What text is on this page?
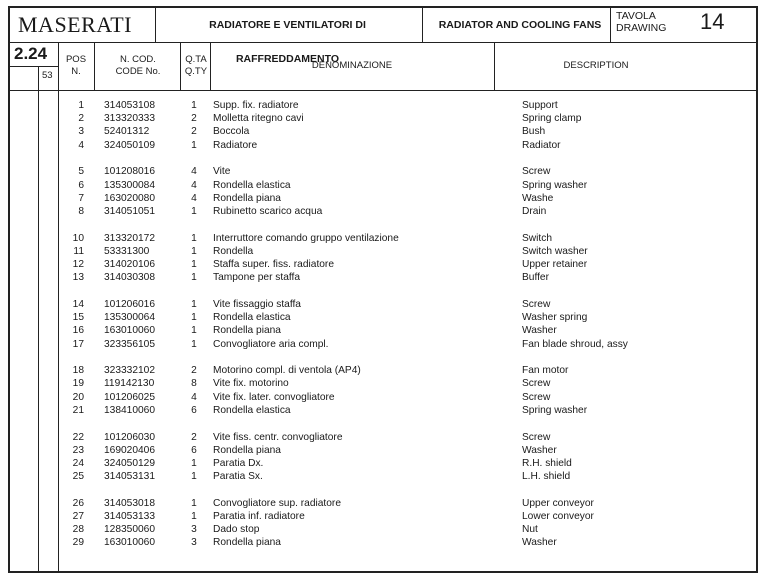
MASERATI	RADIATORE E VENTILATORI DI RAFFREDDAMENTO
RADIATOR AND COOLING FANS
TAVOLA
DRAWING 14
2.24
53
POS
N.
N. COD.
CODE No.
Q.TA
Q.TY
DENOMINAZIONE	DESCRIPTION
1 314053108	1	Supp. fix. radiatore	Support
2 313320333	2	Molletta ritegno cavi	Spring clamp
3 52401312	2	Boccola	Bush
4 324050109	1	Radiatore	Radiator
5 101208016	4	Vite	Screw
6 135300084	4	Rondella elastica	Spring washer
7 163020080	4	Rondella piana	Washe
8 314051051	1	Rubinetto scarico acqua	Drain
10 313320172	1	Interruttore comando gruppo ventilazione	Switch
11 53331300	1	Rondella	Switch washer
12 314020106	1	Staffa super. fiss. radiatore	Upper retainer
13 314030308	1	Tampone per staffa	Buffer
14 101206016	1	Vite fissaggio staffa	Screw
15 135300064	1	Rondella elastica	Washer spring
16 163010060	1	Rondella piana	Washer
17 323356105	1	Convogliatore aria compl.	Fan blade shroud, assy
18 323332102	2	Motorino compl. di ventola (AP4)	Fan motor
19 119142130	8	Vite fix. motorino	Screw
20 101206025	4	Vite fix. later. convogliatore	Screw
21 138410060	6	Rondella elastica	Spring washer
22 101206030	2	Vite fiss. centr. convogliatore	Screw
23 169020406	6	Rondella piana	Washer
24 324050129	1	Paratia Dx.	R.H. shield
25 314053131	1	Paratia Sx.	L.H. shield
26 314053018	1	Convogliatore sup. radiatore	Upper conveyor
27 314053133	1	Paratia inf. radiatore	Lower conveyor
28 128350060	3	Dado stop	Nut
29 163010060	3	Rondella piana	Washer
